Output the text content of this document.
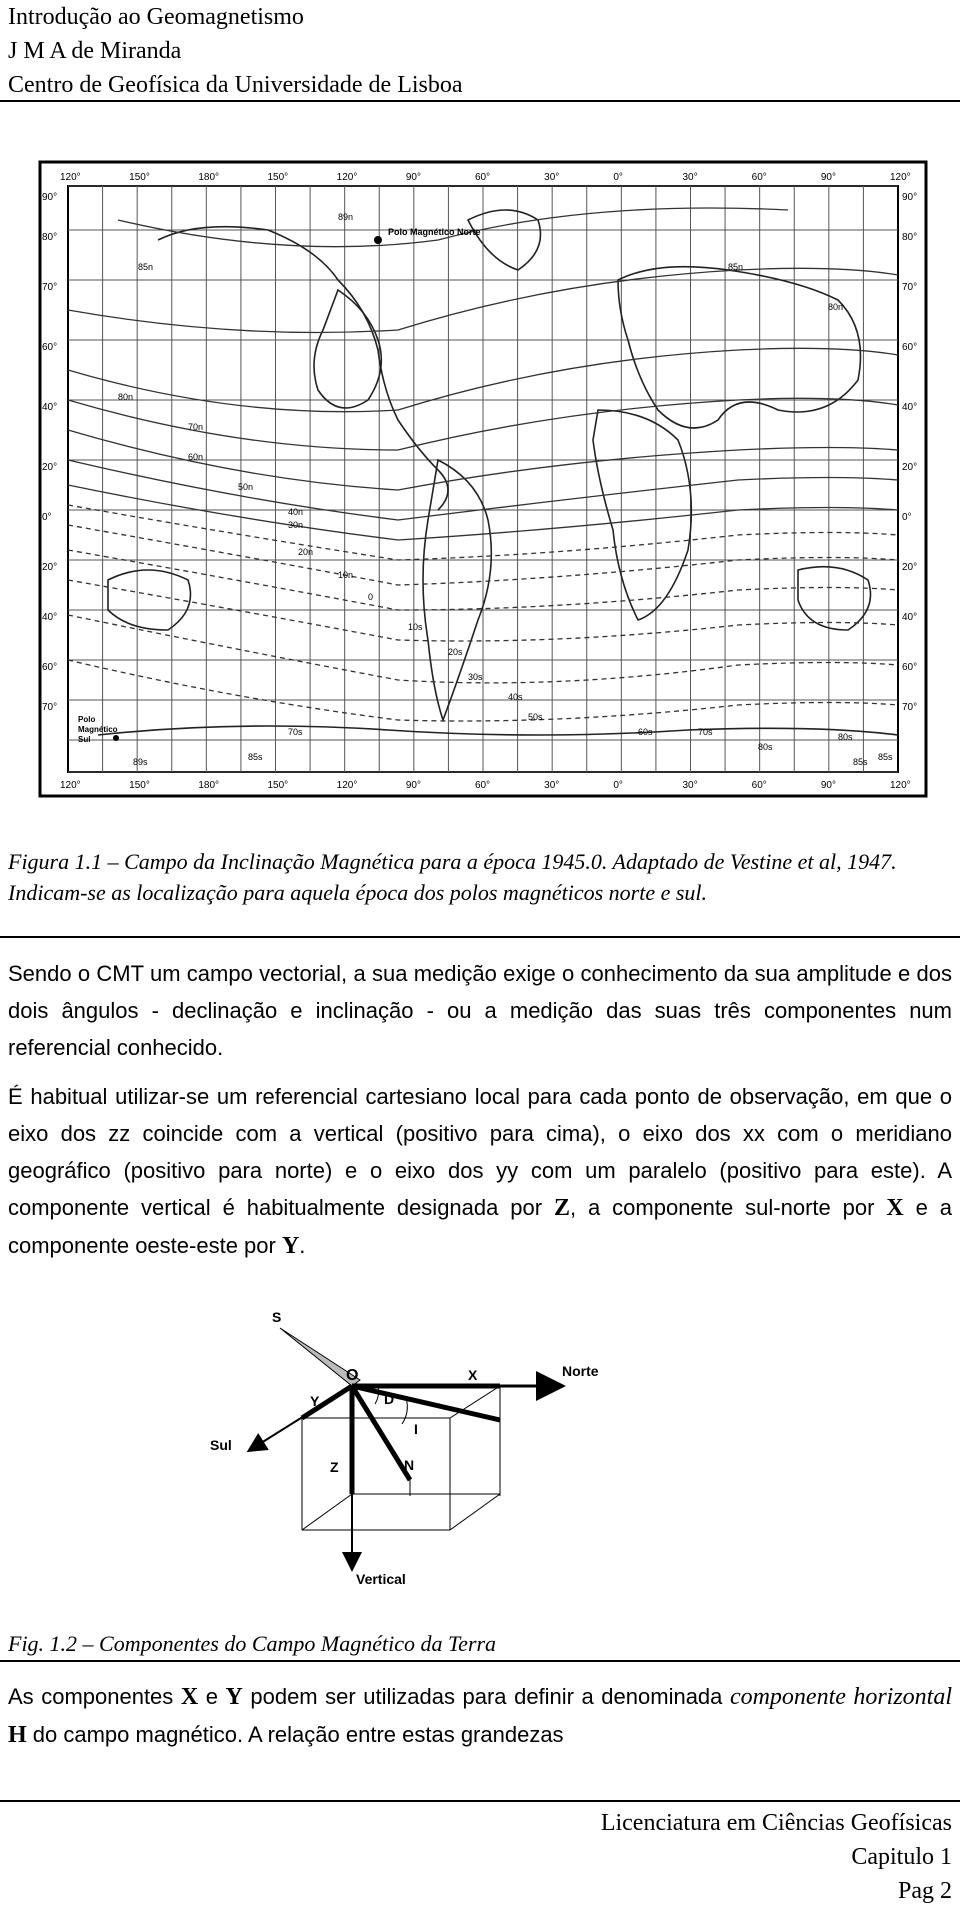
Introdução ao Geomagnetismo
J M A de Miranda
Centro de Geofísica da Universidade de Lisboa
Polo Magnético Norte
Polo
Magnético
Sul
120°	150°	180°	150°	120°	90°	60°	30°	0°	30°	60°	90°	120°
120°	150°	180°	150°	120°	90°	60°	30°	0°	30°	60°	90°	120°
90°
80°
70°
60°
40°
20°
0°
20°
40°
60°
70°
90°
80°
70°
60°
40°
20°
0°
20°
40°
60°
70°
89n
85n	85n
80n
80n
70n
60n
50n
40n
30n
20n
10n
0
10s
20s
30s
40s
50s
60s
70s
80s
85s	85s
89s
70s	80s
85s
Figura 1.1 – Campo da Inclinação Magnética para a época 1945.0. Adaptado de Vestine et al, 1947. Indicam-se as localização para aquela época dos polos magnéticos norte e sul.
Sendo o CMT um campo vectorial, a sua medição exige o conhecimento da sua amplitude e dos dois ângulos - declinação e inclinação - ou a medição das suas três componentes num referencial conhecido.
É habitual utilizar-se um referencial cartesiano local para cada ponto de observação, em que o eixo dos zz coincide com a vertical (positivo para cima), o eixo dos xx com o meridiano geográfico (positivo para norte) e o eixo dos yy com um paralelo (positivo para este). A componente vertical é habitualmente designada por Z, a componente sul-norte por X e a componente oeste-este por Y.
S
O	X	Norte
Y	D
I
Sul
Z	N
Vertical
Fig. 1.2 – Componentes do Campo Magnético da Terra
As componentes X e Y podem ser utilizadas para definir a denominada componente horizontal H do campo magnético. A relação entre estas grandezas
Licenciatura em Ciências Geofísicas
Capitulo 1
Pag 2
